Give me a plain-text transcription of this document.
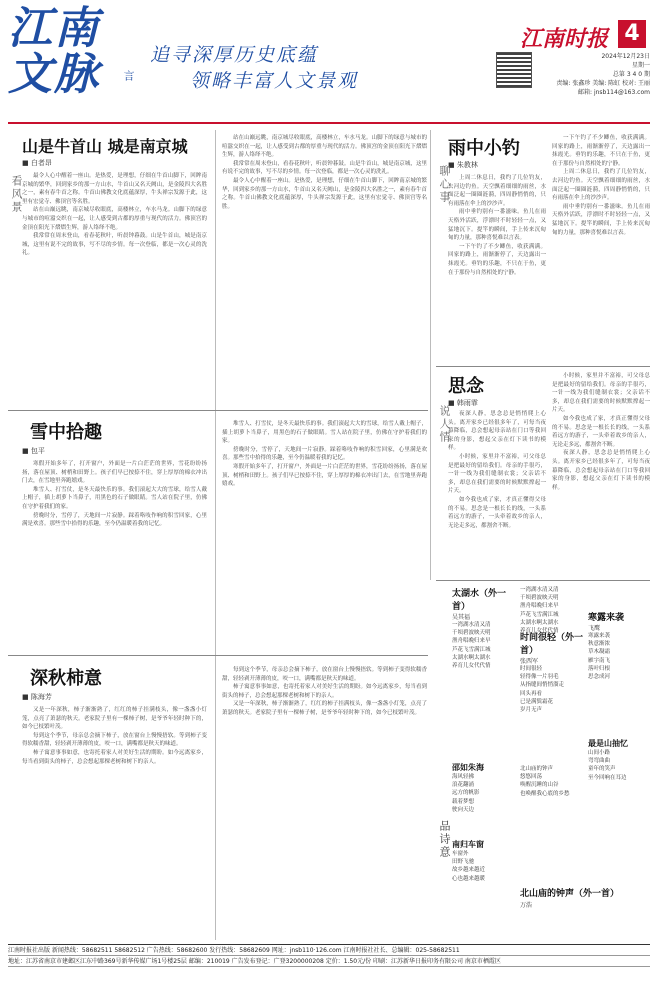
江南文脉	言
追寻深厚历史底蕴
领略丰富人文景观
江南时报 4
2024年12月23日
星期一
总第 3 4 0 期
责编: 张鑫珍 美编: 陈虹 校对: 王丽
邮箱: jnsb114@163.com
山是牛首山 城是南京城
■ 白者昂
看风景	最令人心中醒着一座山。是热爱，是理想，仔细在牛首山脚下，回眸南京城的繁华，回到家乡的那一方山水，牛首山又名天阙山，是金陵四大名胜之一，素有春牛首之称。牛首山佛教文化底蕴深厚，牛头禅宗发源于此，这里有宏觉寺、佛顶宫等名胜。

站在山巅远眺，南京城尽收眼底，高楼林立，车水马龙。山脚下的绿意与城市的喧嚣交织在一起，让人感受到古都的厚重与现代的活力。佛顶宫的金顶在阳光下熠熠生辉，游人络绎不绝。

我常常在周末登山，看春花秋叶，听晨钟暮鼓。山是牛首山，城是南京城，这里有说不完的故事，写不尽的乡情。每一次登临，都是一次心灵的洗礼。

站在山巅远眺，南京城尽收眼底，高楼林立，车水马龙。山脚下的绿意与城市的喧嚣交织在一起，让人感受到古都的厚重与现代的活力。佛顶宫的金顶在阳光下熠熠生辉，游人络绎不绝。

我常常在周末登山，看春花秋叶，听晨钟暮鼓。山是牛首山，城是南京城，这里有说不完的故事，写不尽的乡情。每一次登临，都是一次心灵的洗礼。

最令人心中醒着一座山。是热爱，是理想，仔细在牛首山脚下，回眸南京城的繁华，回到家乡的那一方山水，牛首山又名天阙山，是金陵四大名胜之一，素有春牛首之称。牛首山佛教文化底蕴深厚，牛头禅宗发源于此，这里有宏觉寺、佛顶宫等名胜。

雪中拾趣
■ 包平

寒假开始多年了，打开窗户，外面是一片白茫茫的世界，雪花纷纷扬扬，落在屋顶、树梢和田野上。孩子们早已按捺不住，穿上厚厚的棉衣冲出门去，在雪地里奔跑嬉戏。

堆雪人、打雪仗，是冬天最快乐的事。我们滚起大大的雪球，给雪人戴上帽子，插上胡萝卜当鼻子，用黑色的石子做眼睛。雪人站在院子里，仿佛在守护着我们的家。

傍晚时分，雪停了，天地间一片寂静。踩着咯吱作响的积雪回家，心里满是欢喜。那些雪中拾得的乐趣，至今仍温暖着我的记忆。

堆雪人、打雪仗，是冬天最快乐的事。我们滚起大大的雪球，给雪人戴上帽子，插上胡萝卜当鼻子，用黑色的石子做眼睛。雪人站在院子里，仿佛在守护着我们的家。

傍晚时分，雪停了，天地间一片寂静。踩着咯吱作响的积雪回家，心里满是欢喜。那些雪中拾得的乐趣，至今仍温暖着我的记忆。

寒假开始多年了，打开窗户，外面是一片白茫茫的世界，雪花纷纷扬扬，落在屋顶、树梢和田野上。孩子们早已按捺不住，穿上厚厚的棉衣冲出门去，在雪地里奔跑嬉戏。

深秋柿意
■ 陈海芳

又是一年深秋，柿子渐渐熟了，红红的柿子挂满枝头，像一盏盏小灯笼，点亮了萧瑟的秋天。老家院子里有一棵柿子树，是爷爷年轻时种下的，如今已枝繁叶茂。

每到这个季节，母亲总会摘下柿子，放在窗台上慢慢捂软。等到柿子变得软糯香甜，轻轻剥开薄薄的皮，咬一口，满嘴都是秋天的味道。

柿子寓意事事如意，也寄托着家人对美好生活的期盼。如今远离家乡，每当看到街头的柿子，总会想起那棵老树和树下的亲人。

每到这个季节，母亲总会摘下柿子，放在窗台上慢慢捂软。等到柿子变得软糯香甜，轻轻剥开薄薄的皮，咬一口，满嘴都是秋天的味道。

柿子寓意事事如意，也寄托着家人对美好生活的期盼。如今远离家乡，每当看到街头的柿子，总会想起那棵老树和树下的亲人。

又是一年深秋，柿子渐渐熟了，红红的柿子挂满枝头，像一盏盏小灯笼，点亮了萧瑟的秋天。老家院子里有一棵柿子树，是爷爷年轻时种下的，如今已枝繁叶茂。

雨中小钓
■ 朱教林
聊心事	上周二休息日，我约了几位钓友，去河边钓鱼。天空飘着细细的雨丝，水面泛起一圈圈涟漪，四周静悄悄的，只有雨落在伞上的沙沙声。

雨中垂钓别有一番滋味。鱼儿在雨天格外活跃，浮漂时不时轻轻一点，又猛地沉下。提竿的瞬间，手上传来沉甸甸的力量，那种喜悦难以言表。

一下午钓了不少鲫鱼，收获满满。回家的路上，雨渐渐停了，天边露出一抹霞光。垂钓的乐趣，不只在于鱼，更在于那份与自然相处的宁静。

一下午钓了不少鲫鱼，收获满满。回家的路上，雨渐渐停了，天边露出一抹霞光。垂钓的乐趣，不只在于鱼，更在于那份与自然相处的宁静。

上周二休息日，我约了几位钓友，去河边钓鱼。天空飘着细细的雨丝，水面泛起一圈圈涟漪，四周静悄悄的，只有雨落在伞上的沙沙声。

雨中垂钓别有一番滋味。鱼儿在雨天格外活跃，浮漂时不时轻轻一点，又猛地沉下。提竿的瞬间，手上传来沉甸甸的力量，那种喜悦难以言表。

思念
■ 韩雨霏
说人情	夜深人静，思念总是悄悄爬上心头。离开家乡已经很多年了，可每当夜幕降临，总会想起母亲站在门口等我回家的身影，想起父亲在灯下读书的模样。

小时候，家里并不富裕，可父母总是把最好的留给我们。母亲的手很巧，一针一线为我们缝制衣裳；父亲话不多，却总在我们需要的时候默默撑起一片天。

如今我也成了家，才真正懂得父母的不易。思念是一根长长的线，一头系着远方的游子，一头牵着故乡的亲人，无论走多远，都割舍不断。

小时候，家里并不富裕，可父母总是把最好的留给我们。母亲的手很巧，一针一线为我们缝制衣裳；父亲话不多，却总在我们需要的时候默默撑起一片天。

如今我也成了家，才真正懂得父母的不易。思念是一根长长的线，一头系着远方的游子，一头牵着故乡的亲人，无论走多远，都割舍不断。

夜深人静，思念总是悄悄爬上心头。离开家乡已经很多年了，可每当夜幕降临，总会想起母亲站在门口等我回家的身影，想起父亲在灯下读书的模样。

品诗意
太湖水（外一首）
吴其福
一湾湖水清又清
千顷碧波映天明
渔舟唱晚归来早
芦花飞雪满江城
太湖水啊太湖水
养育儿女代代情
邵如朱海
海风轻拂
浪花翻涌
远方的帆影
载着梦想
驶向天边
南归车窗
车窗外
田野飞驰
故乡越来越近
心也越来越暖
一湾湖水清又清
千顷碧波映天明
渔舟唱晚归来早
芦花飞雪满江城
太湖水啊太湖水
养育儿女代代情
时间很轻（外一首）
张西军
时间很轻
轻得像一片羽毛
从指缝间悄悄溜走
回头再看
已是满鬓霜花
岁月无声
北山庙的钟声
悠悠回荡
唤醒沉睡的山谷
也唤醒我心底的乡愁
寒露来袭
飞鹰
寒露来袭
秋意渐浓
草木凝霜
雁字南飞
落叶归根
思念成河
最是山抽忆
山间小路
弯弯曲曲
童年的笑声
至今回响在耳边
北山庙的钟声（外一首）
万浩
江南时报社出版 新闻热线：58682511 58682512 广告热线：58682600 发行热线：58682609 网址：jnsb110·126.com 江南时报社社长、总编辑：025-58682511
地址：江苏省南京市建邺区江东中路369号新华传媒广场1号楼25层 邮编：210019 广告发布登记：广登3200000208 定价：1.50元/份 印刷：江苏新华日报印务有限公司 南京市栖霞区
